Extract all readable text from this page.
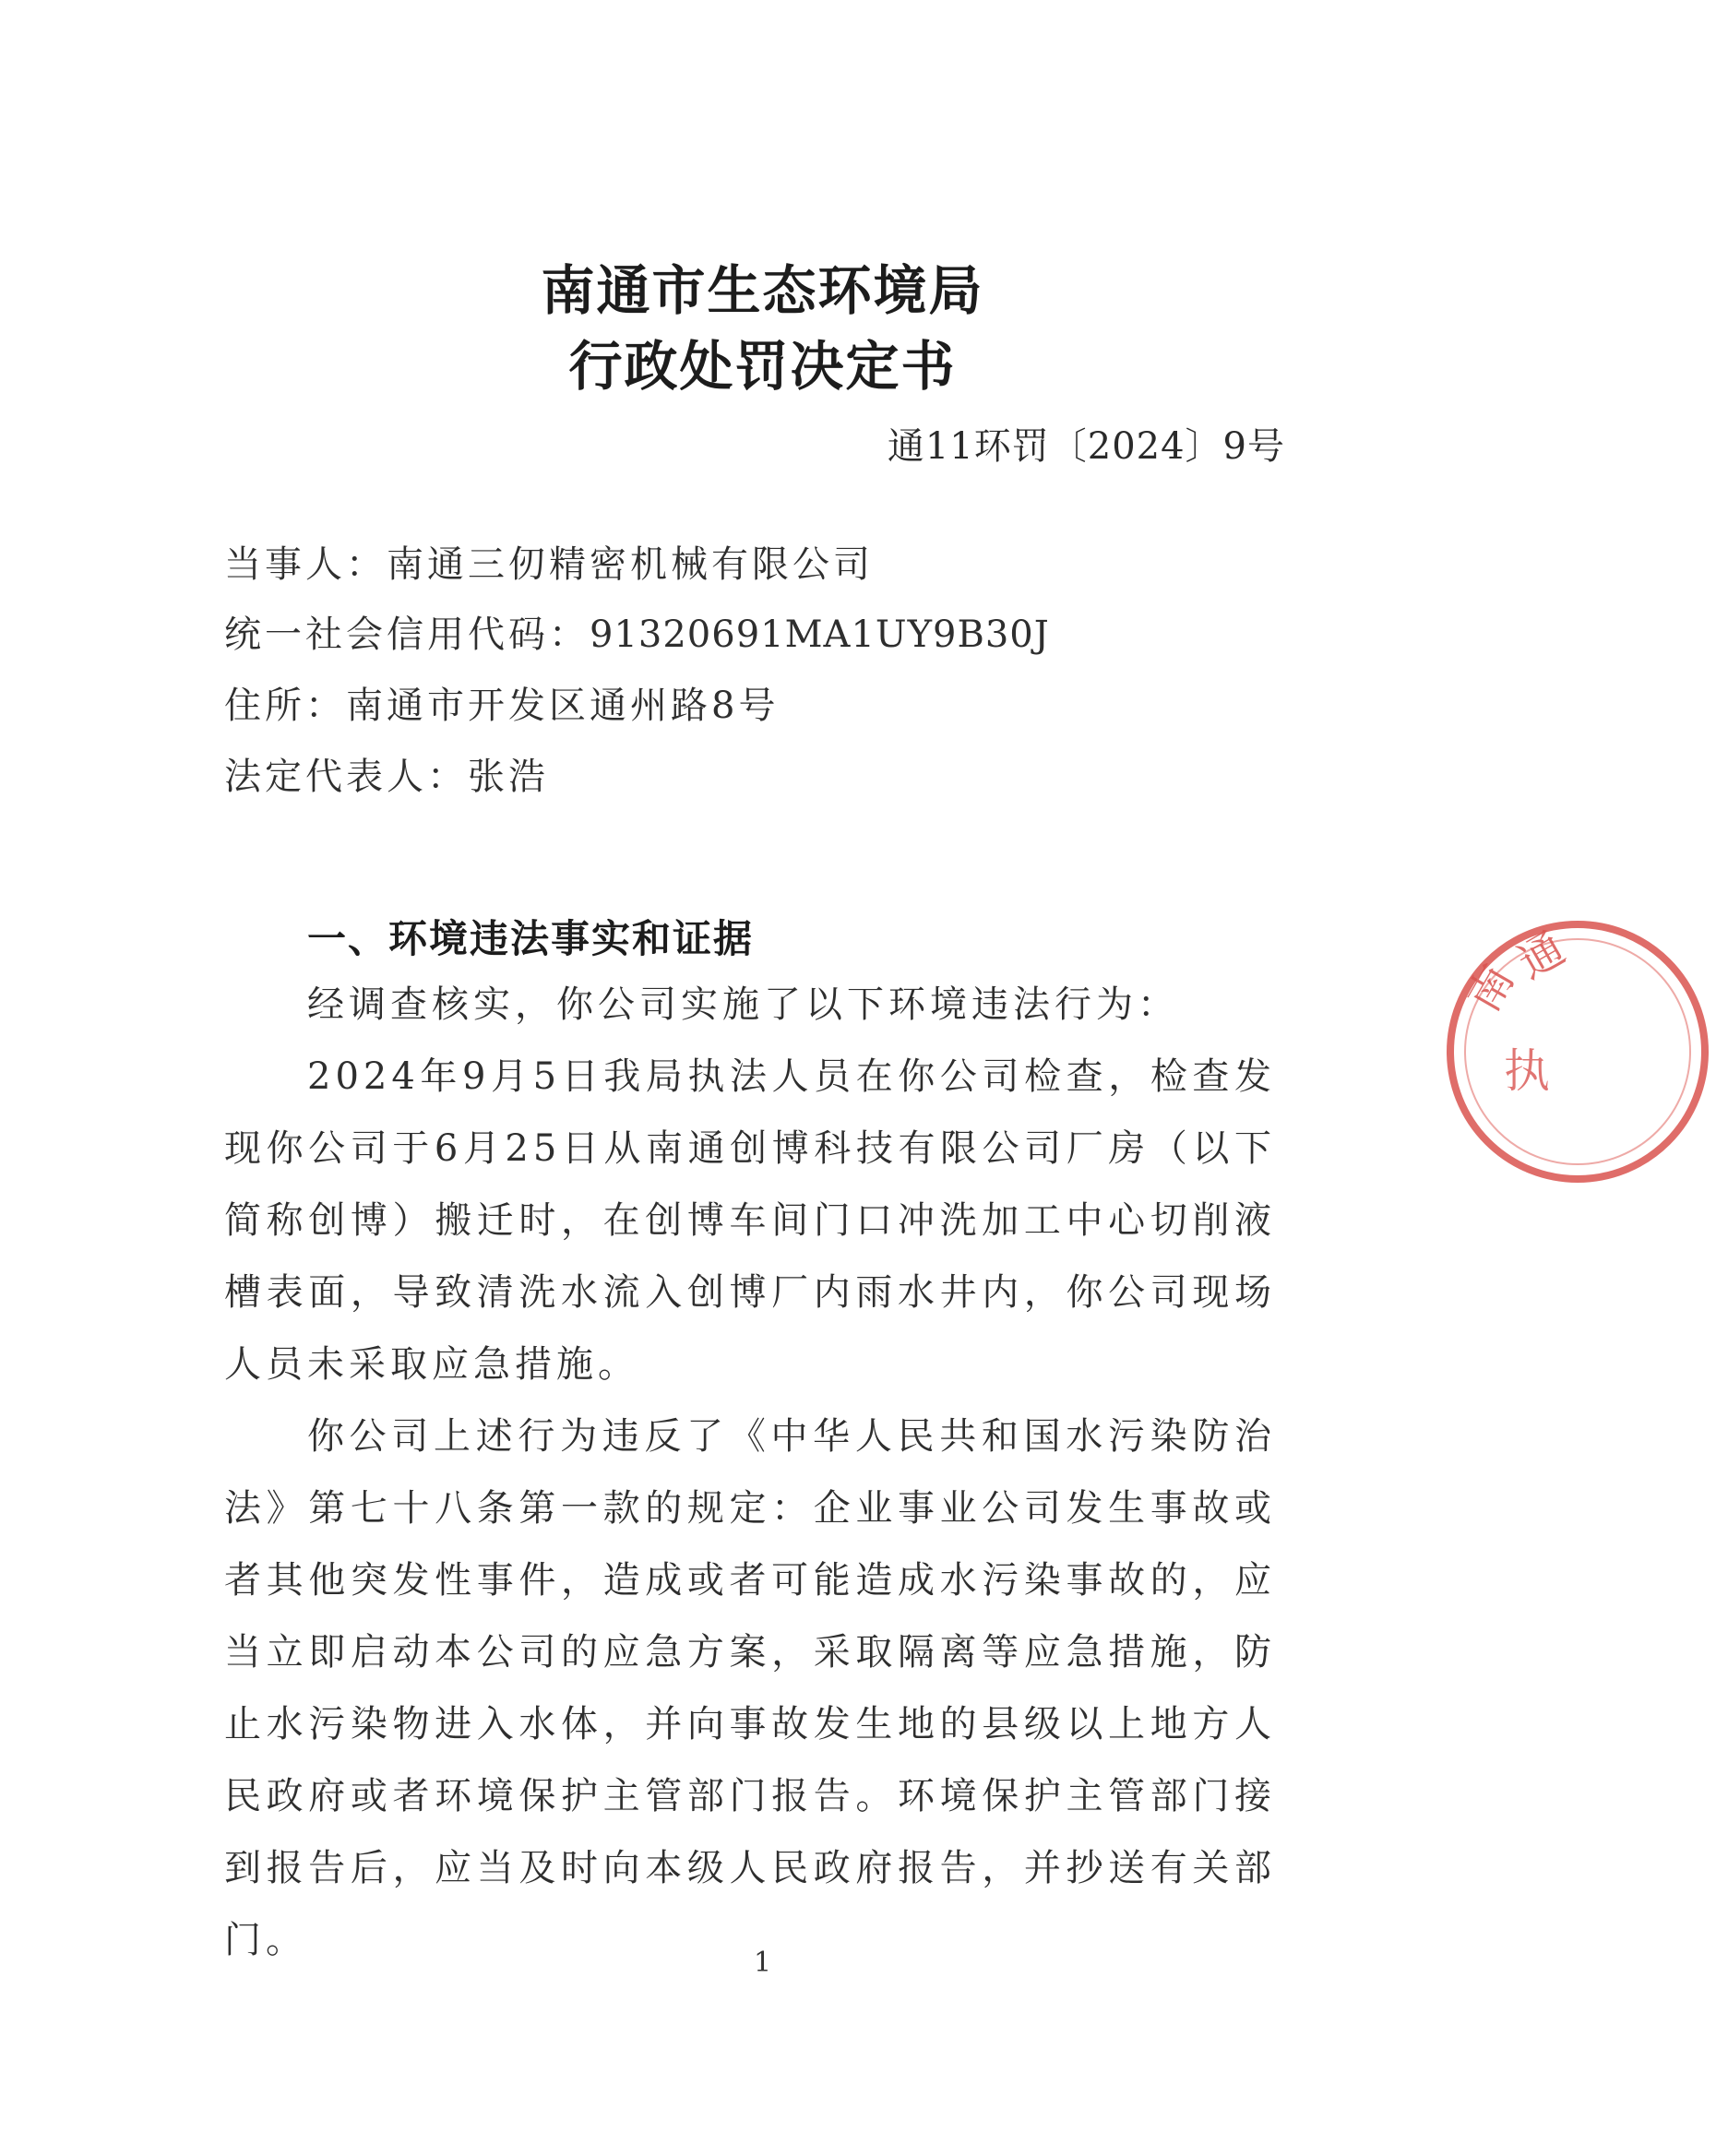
南通市生态环境局
行政处罚决定书
通11环罚〔2024〕9号
当事人：南通三仞精密机械有限公司
统一社会信用代码：91320691MA1UY9B30J
住所：南通市开发区通州路8号
法定代表人：张浩
一、环境违法事实和证据

经调查核实，你公司实施了以下环境违法行为：

2024年9月5日我局执法人员在你公司检查，检查发现你公司于6月25日从南通创博科技有限公司厂房（以下简称创博）搬迁时，在创博车间门口冲洗加工中心切削液槽表面，导致清洗水流入创博厂内雨水井内，你公司现场人员未采取应急措施。

你公司上述行为违反了《中华人民共和国水污染防治法》第七十八条第一款的规定：企业事业公司发生事故或者其他突发性事件，造成或者可能造成水污染事故的，应当立即启动本公司的应急方案，采取隔离等应急措施，防止水污染物进入水体，并向事故发生地的县级以上地方人民政府或者环境保护主管部门报告。环境保护主管部门接到报告后，应当及时向本级人民政府报告，并抄送有关部门。

1
南
通
执
